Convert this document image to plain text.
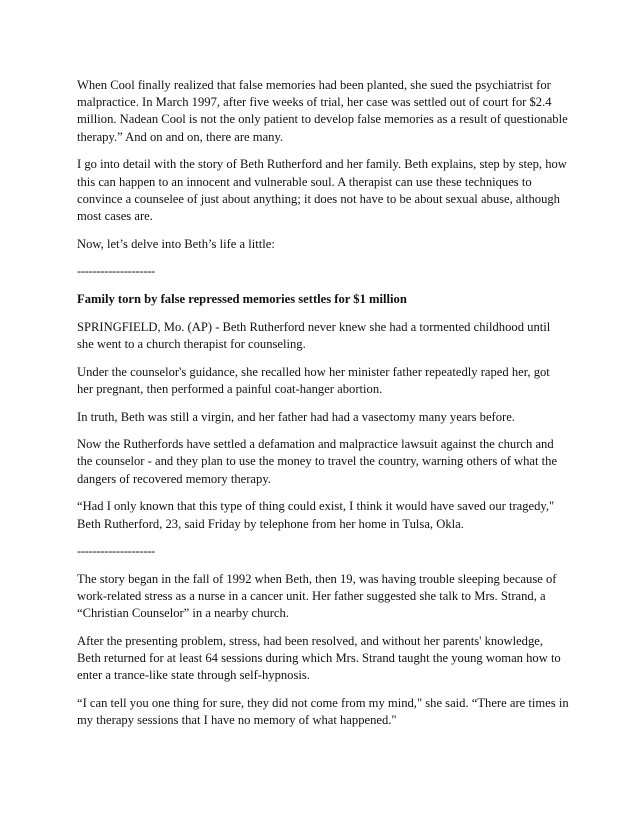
When Cool finally realized that false memories had been planted, she sued the psychiatrist for
malpractice. In March 1997, after five weeks of trial, her case was settled out of court for $2.4
million. Nadean Cool is not the only patient to develop false memories as a result of questionable
therapy.” And on and on, there are many.
I go into detail with the story of Beth Rutherford and her family. Beth explains, step by step, how
this can happen to an innocent and vulnerable soul. A therapist can use these techniques to
convince a counselee of just about anything; it does not have to be about sexual abuse, although
most cases are.
Now, let’s delve into Beth’s life a little:
--------------------
Family torn by false repressed memories settles for $1 million
SPRINGFIELD, Mo. (AP) - Beth Rutherford never knew she had a tormented childhood until
she went to a church therapist for counseling.
Under the counselor's guidance, she recalled how her minister father repeatedly raped her, got
her pregnant, then performed a painful coat-hanger abortion.
In truth, Beth was still a virgin, and her father had had a vasectomy many years before.
Now the Rutherfords have settled a defamation and malpractice lawsuit against the church and
the counselor - and they plan to use the money to travel the country, warning others of what the
dangers of recovered memory therapy.
“Had I only known that this type of thing could exist, I think it would have saved our tragedy,"
Beth Rutherford, 23, said Friday by telephone from her home in Tulsa, Okla.
--------------------
The story began in the fall of 1992 when Beth, then 19, was having trouble sleeping because of
work-related stress as a nurse in a cancer unit. Her father suggested she talk to Mrs. Strand, a
“Christian Counselor” in a nearby church.
After the presenting problem, stress, had been resolved, and without her parents' knowledge,
Beth returned for at least 64 sessions during which Mrs. Strand taught the young woman how to
enter a trance-like state through self-hypnosis.
“I can tell you one thing for sure, they did not come from my mind," she said. “There are times in
my therapy sessions that I have no memory of what happened."
